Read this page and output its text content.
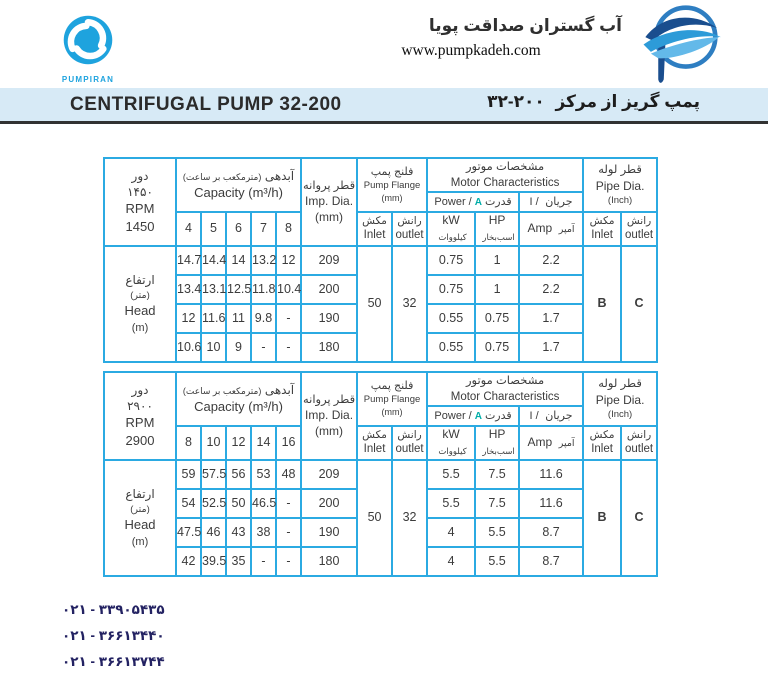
PUMPIRAN
آب گستران صداقت پویا
www.pumpkadeh.com
CENTRIFUGAL PUMP 32-200	پمپ گریز از مرکز ۳۲-۲۰۰
دور
۱۴۵۰
RPM
1450

آبدهی (مترمکعب بر ساعت)
Capacity (m³/h)	قطر پروانه
Imp. Dia.
(mm)

فلنج پمپ
Pump Flange
(mm)

مشخصات موتور
Motor Characteristics

قطر لوله
Pipe Dia.
(Inch)

									Power / A قدرت		I / جریان		
4	5	6	7	8	مکش
Inlet

رانش
outlet
	kW کیلووات	HP اسب‌بخار	Amp آمپر	
مکش
Inlet

رانش
outlet

ارتفاع
(متر)
Head
(m)	14.7	14.4	14	13.2	12	209	50	32	0.75	1	2.2	B	C
	13.4	13.1	12.5	11.8	10.4	200			0.75	1	2.2		
	12	11.6	11	9.8	-	190			0.55	0.75	1.7		
	10.6	10	9	-	-	180			0.55	0.75	1.7		
دور
۲۹۰۰
RPM
2900

آبدهی (مترمکعب بر ساعت)
Capacity (m³/h)	قطر پروانه
Imp. Dia.
(mm)

فلنج پمپ
Pump Flange
(mm)

مشخصات موتور
Motor Characteristics

قطر لوله
Pipe Dia.
(Inch)

									Power / A قدرت		I / جریان		
8	10	12	14	16	مکش
Inlet

رانش
outlet
	kW کیلووات	HP اسب‌بخار	Amp آمپر	
مکش
Inlet

رانش
outlet

ارتفاع
(متر)
Head
(m)	59	57.5	56	53	48	209	50	32	5.5	7.5	11.6	B	C
	54	52.5	50	46.5	-	200			5.5	7.5	11.6		
	47.5	46	43	38	-	190			4	5.5	8.7		
	42	39.5	35	-	-	180			4	5.5	8.7		
۰۲۱ - ۳۳۹۰۵۴۳۵
۰۲۱ - ۳۶۶۱۳۴۴۰
۰۲۱ - ۳۶۶۱۳۷۴۴
